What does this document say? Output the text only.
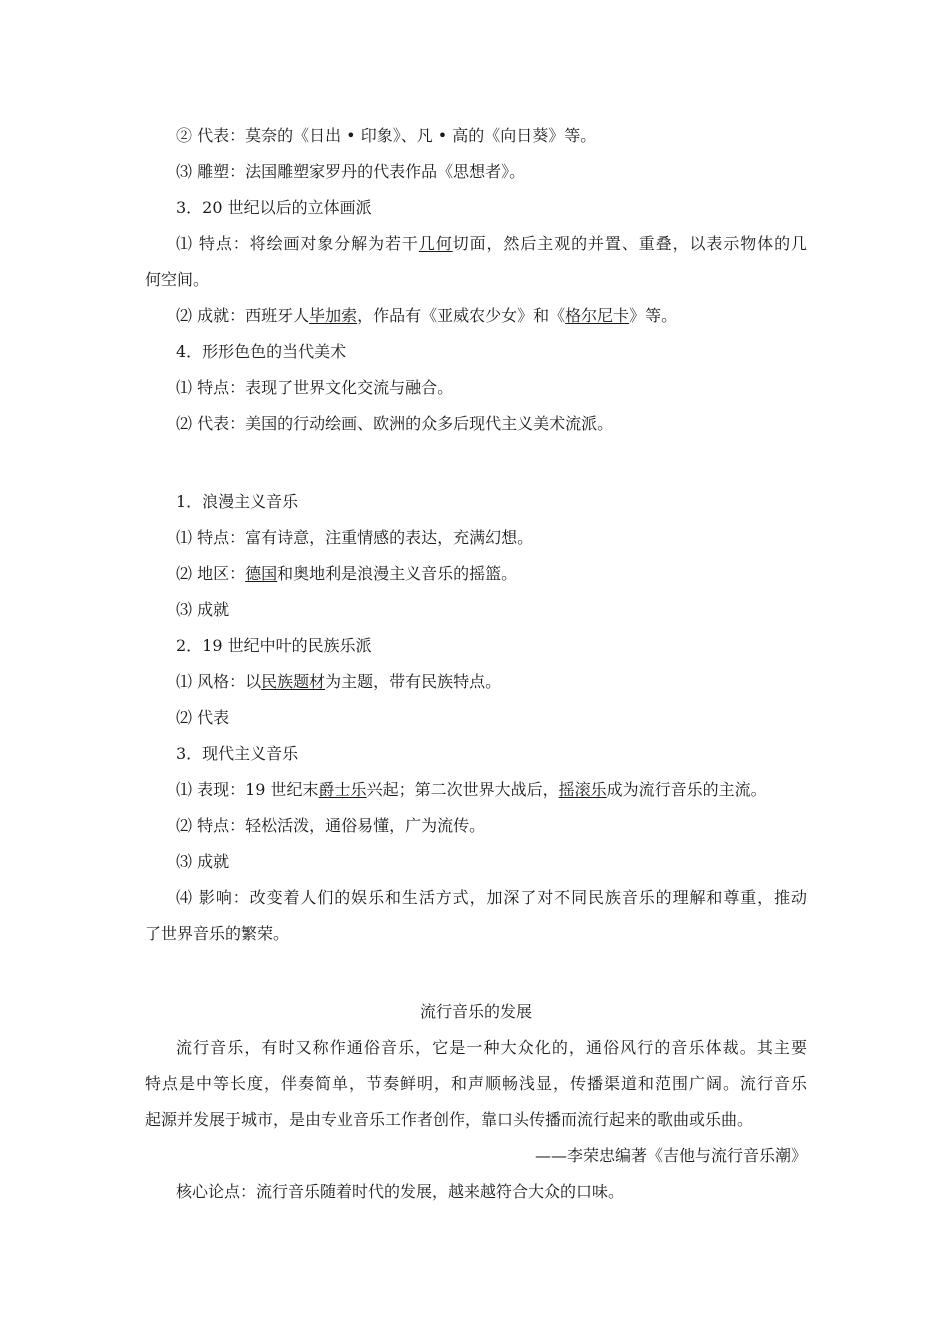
② 代表：莫奈的《日出 • 印象》、凡 • 高的《向日葵》等。
⑶ 雕塑：法国雕塑家罗丹的代表作品《思想者》。
3．20 世纪以后的立体画派
⑴ 特点：将绘画对象分解为若干几何切面，然后主观的并置、重叠，以表示物体的几
何空间。
⑵ 成就：西班牙人毕加索，作品有《亚威农少女》和《格尔尼卡》等。
4．形形色色的当代美术
⑴ 特点：表现了世界文化交流与融合。
⑵ 代表：美国的行动绘画、欧洲的众多后现代主义美术流派。
1．浪漫主义音乐
⑴ 特点：富有诗意，注重情感的表达，充满幻想。
⑵ 地区：德国和奥地利是浪漫主义音乐的摇篮。
⑶ 成就
2．19 世纪中叶的民族乐派
⑴ 风格：以民族题材为主题，带有民族特点。
⑵ 代表
3．现代主义音乐
⑴ 表现：19 世纪末爵士乐兴起；第二次世界大战后，摇滚乐成为流行音乐的主流。
⑵ 特点：轻松活泼，通俗易懂，广为流传。
⑶ 成就
⑷ 影响：改变着人们的娱乐和生活方式，加深了对不同民族音乐的理解和尊重，推动
了世界音乐的繁荣。
流行音乐的发展
流行音乐，有时又称作通俗音乐，它是一种大众化的，通俗风行的音乐体裁。其主要
特点是中等长度，伴奏简单，节奏鲜明，和声顺畅浅显，传播渠道和范围广阔。流行音乐
起源并发展于城市，是由专业音乐工作者创作，靠口头传播而流行起来的歌曲或乐曲。
——李荣忠编著《吉他与流行音乐潮》
核心论点：流行音乐随着时代的发展，越来越符合大众的口味。
